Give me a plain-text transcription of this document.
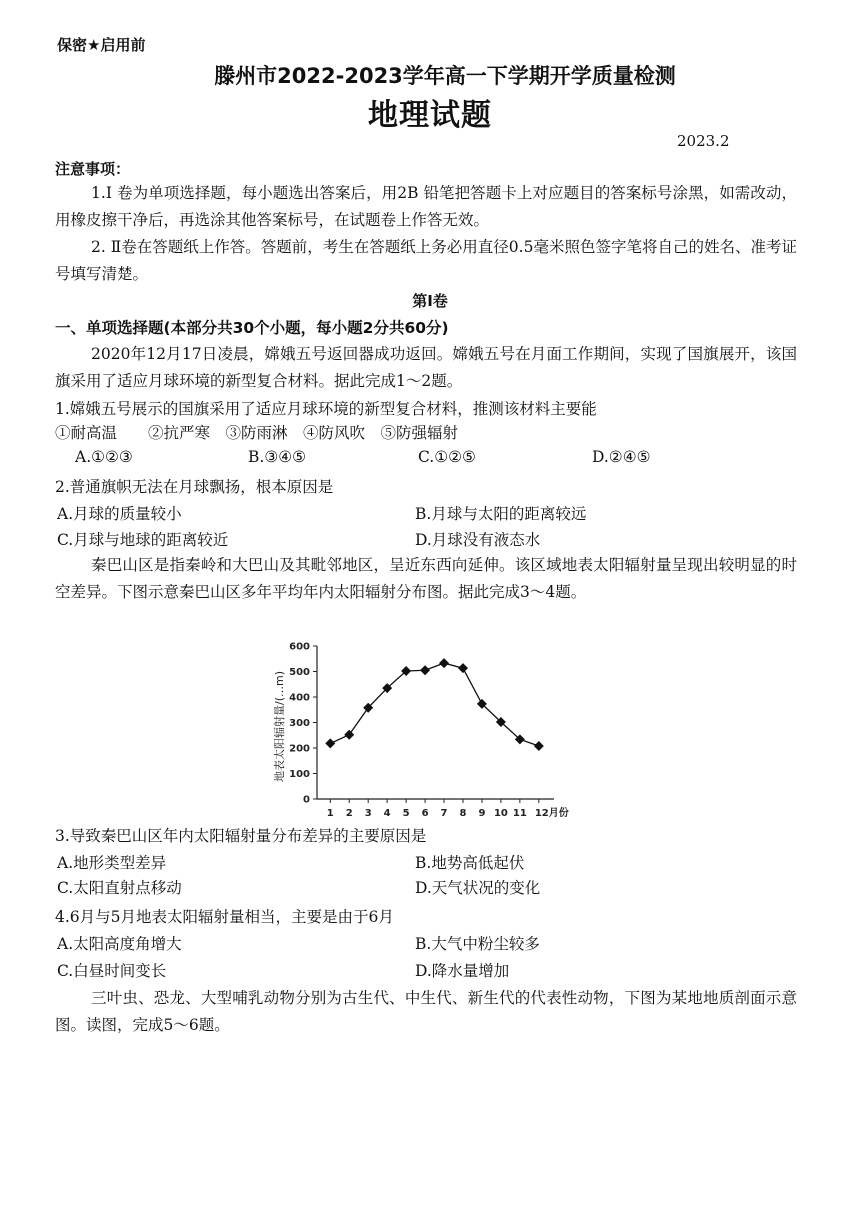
保密★启用前
滕州市2022-2023学年高一下学期开学质量检测
地理试题
2023.2
注意事项：
1.Ⅰ 卷为单项选择题，每小题选出答案后，用2B 铅笔把答题卡上对应题目的答案标号涂黑，如需改动，用橡皮擦干净后，再选涂其他答案标号，在试题卷上作答无效。
2. Ⅱ卷在答题纸上作答。答题前，考生在答题纸上务必用直径0.5毫米照色签字笔将自己的姓名、准考证号填写清楚。
第Ⅰ卷
一、单项选择题(本部分共30个小题，每小题2分共60分)
2020年12月17日凌晨，嫦娥五号返回器成功返回。嫦娥五号在月面工作期间，实现了国旗展开，该国旗采用了适应月球环境的新型复合材料。据此完成1～2题。
1.嫦娥五号展示的国旗采用了适应月球环境的新型复合材料，推测该材料主要能
①耐高温　　②抗严寒　③防雨淋　④防风吹　⑤防强辐射
A.①②③	B.③④⑤	C.①②⑤	D.②④⑤
2.普通旗帜无法在月球飘扬，根本原因是
A.月球的质量较小	B.月球与太阳的距离较远
C.月球与地球的距离较近	D.月球没有液态水
秦巴山区是指秦岭和大巴山及其毗邻地区，呈近东西向延伸。该区域地表太阳辐射量呈现出较明显的时空差异。下图示意秦巴山区多年平均年内太阳辐射分布图。据此完成3～4题。
0
100
200
300
400
500
600
1 2 3 4 5 6 7 8 9 10 11 12月份
地表太阳辐射量/(…m)
3.导致秦巴山区年内太阳辐射量分布差异的主要原因是
A.地形类型差异	B.地势高低起伏
C.太阳直射点移动	D.天气状况的变化
4.6月与5月地表太阳辐射量相当，主要是由于6月
A.太阳高度角增大	B.大气中粉尘较多
C.白昼时间变长	D.降水量增加
三叶虫、恐龙、大型哺乳动物分别为古生代、中生代、新生代的代表性动物，下图为某地地质剖面示意图。读图，完成5～6题。
